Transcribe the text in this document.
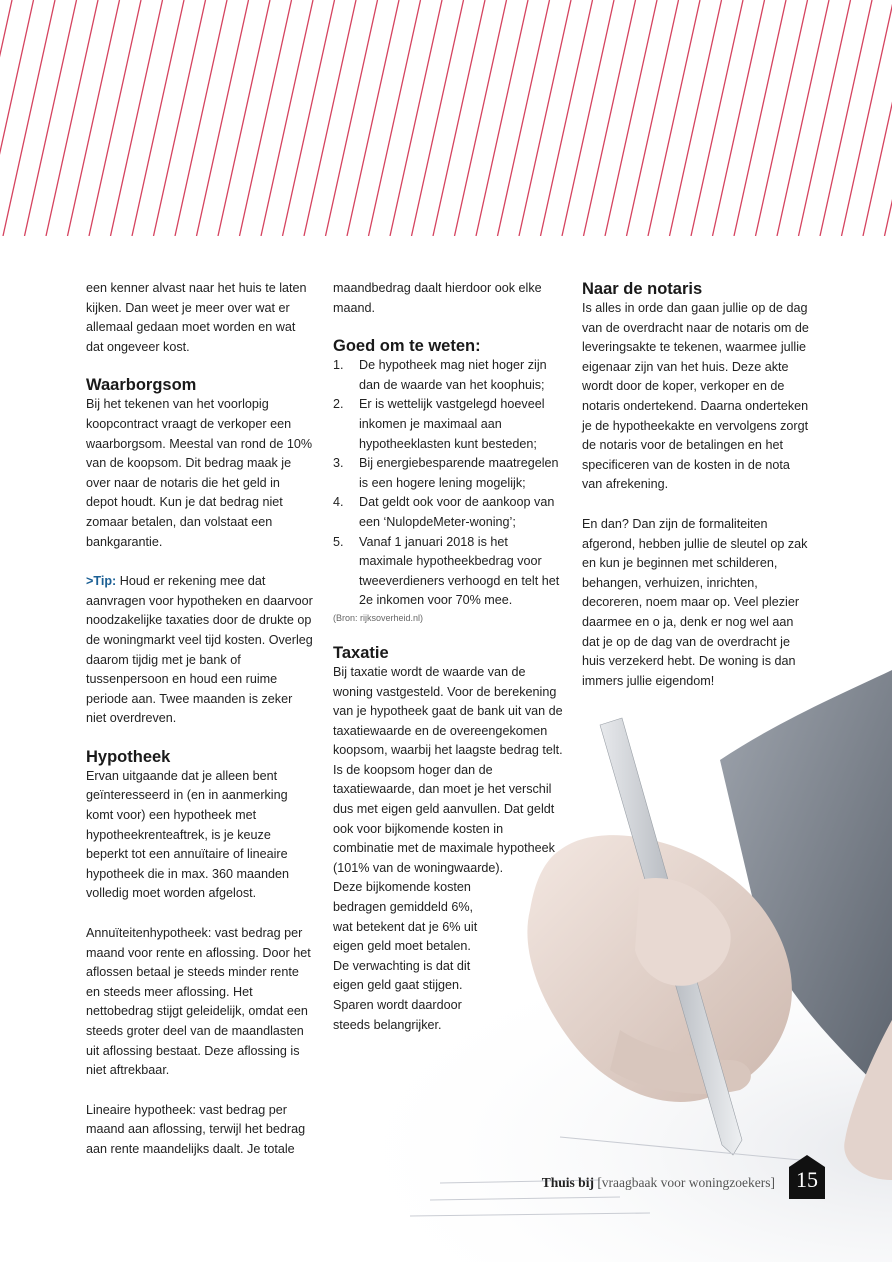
een kenner alvast naar het huis te laten kijken. Dan weet je meer over wat er allemaal gedaan moet worden en wat dat ongeveer kost.

Waarborgsom

Bij het tekenen van het voorlopig koopcontract vraagt de verkoper een waarborgsom. Meestal van rond de 10% van de koopsom. Dit bedrag maak je over naar de notaris die het geld in depot houdt. Kun je dat bedrag niet zomaar betalen, dan volstaat een bankgarantie.

>Tip: Houd er rekening mee dat aanvragen voor hypotheken en daarvoor noodzakelijke taxaties door de drukte op de woningmarkt veel tijd kosten. Overleg daarom tijdig met je bank of tussenpersoon en houd een ruime periode aan. Twee maanden is zeker niet overdreven.

Hypotheek

Ervan uitgaande dat je alleen bent geïnteresseerd in (en in aanmerking komt voor) een hypotheek met hypotheekrenteaftrek, is je keuze beperkt tot een annuïtaire of lineaire hypotheek die in max. 360 maanden volledig moet worden afgelost.

Annuïteitenhypotheek: vast bedrag per maand voor rente en aflossing. Door het aflossen betaal je steeds minder rente en steeds meer aflossing. Het nettobedrag stijgt geleidelijk, omdat een steeds groter deel van de maandlasten uit aflossing bestaat. Deze aflossing is niet aftrekbaar.

Lineaire hypotheek: vast bedrag per maand aan aflossing, terwijl het bedrag aan rente maandelijks daalt. Je totale

maandbedrag daalt hierdoor ook elke maand.

Goed om te weten:
1. De hypotheek mag niet hoger zijn dan de waarde van het koophuis;
2. Er is wettelijk vastgelegd hoeveel inkomen je maximaal aan hypotheeklasten kunt besteden;
3. Bij energiebesparende maatregelen is een hogere lening mogelijk;
4. Dat geldt ook voor de aankoop van een ‘NulopdeMeter-woning’;
5. Vanaf 1 januari 2018 is het maximale hypotheekbedrag voor tweeverdieners verhoogd en telt het 2e inkomen voor 70% mee.

(Bron: rijksoverheid.nl)

Taxatie

Bij taxatie wordt de waarde van de woning vastgesteld. Voor de berekening van je hypotheek gaat de bank uit van de taxatiewaarde en de overeengekomen koopsom, waarbij het laagste bedrag telt. Is de koopsom hoger dan de taxatiewaarde, dan moet je het verschil dus met eigen geld aanvullen. Dat geldt ook voor bijkomende kosten in combinatie met de maximale hypotheek (101% van de woningwaarde).

Deze bijkomende kosten

bedragen gemiddeld 6%,

wat betekent dat je 6% uit

eigen geld moet betalen.

De verwachting is dat dit

eigen geld gaat stijgen.

Sparen wordt daardoor

steeds belangrijker.

Naar de notaris

Is alles in orde dan gaan jullie op de dag van de overdracht naar de notaris om de leveringsakte te tekenen, waarmee jullie eigenaar zijn van het huis. Deze akte wordt door de koper, verkoper en de notaris ondertekend. Daarna onderteken je de hypotheekakte en vervolgens zorgt de notaris voor de betalingen en het specificeren van de kosten in de nota van afrekening.

En dan? Dan zijn de formaliteiten afgerond, hebben jullie de sleutel op zak en kun je beginnen met schilderen, behangen, verhuizen, inrichten, decoreren, noem maar op. Veel plezier daarmee en o ja, denk er nog wel aan dat je op de dag van de overdracht je huis verzekerd hebt. De woning is dan immers jullie eigendom!

Thuis bij [vraagbaak voor woningzoekers] 15
